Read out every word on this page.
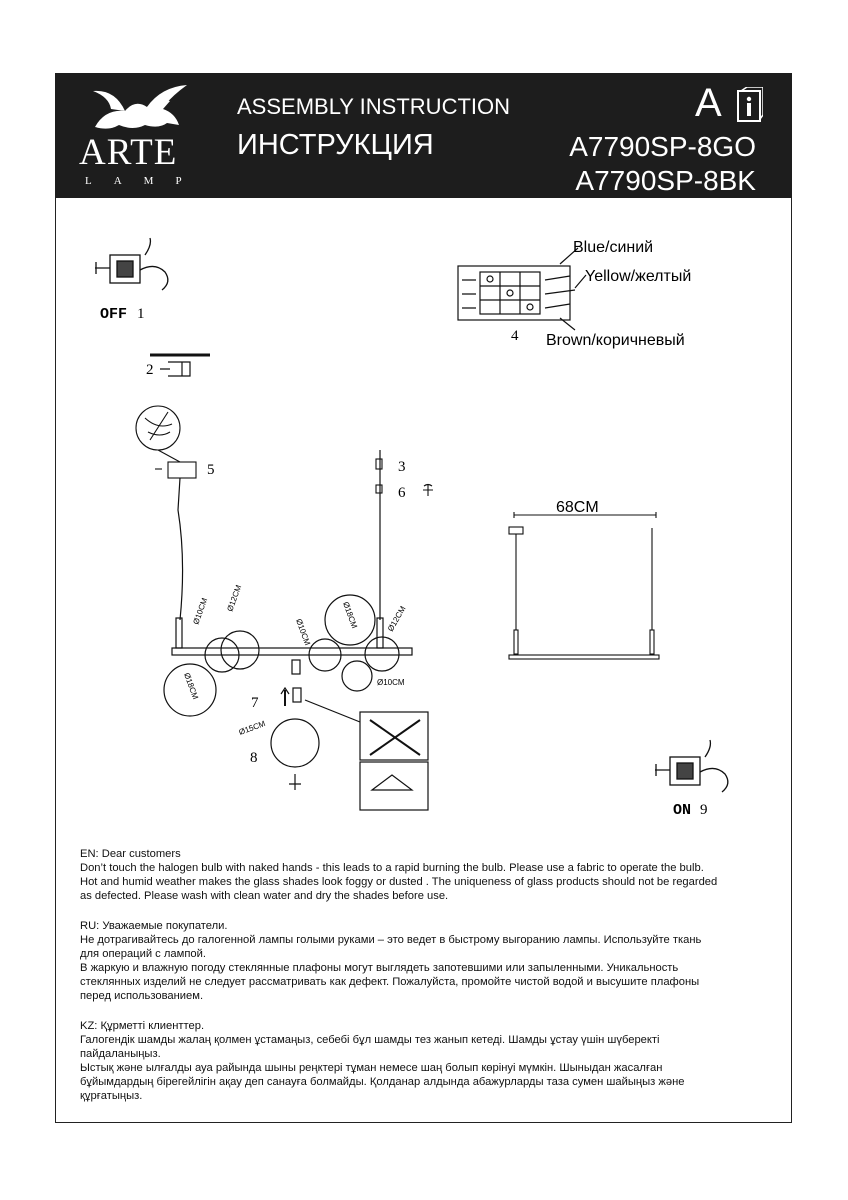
ARTE
LAMP
ASSEMBLY INSTRUCTION
ИНСТРУКЦИЯ
A
A7790SP-8GO
A7790SP-8BK
OFF 1
Blue/синий
Yellow/желтый
Brown/коричневый
4
2
5
Ø10CM Ø12CM
Ø10CM
Ø18CM	Ø12CM
Ø18CM	Ø10CM
3
6
7
8
Ø15CM
68CM
ON 9
EN: Dear customers
Don’t touch the halogen bulb with naked hands - this leads to a rapid burning the bulb. Please use a fabric to operate the bulb.
Hot and humid weather makes the glass shades look foggy or dusted . The uniqueness of glass products should not be regarded
as defected. Please wash with clean water and dry the shades before use.
RU: Уважаемые покупатели.
Не дотрагивайтесь до галогенной лампы голыми руками – это ведет в быстрому выгоранию лампы. Используйте ткань
для операций с лампой.
В жаркую и влажную погоду стеклянные плафоны могут выглядеть запотевшими или запыленными. Уникальность
стеклянных изделий не следует рассматривать как дефект. Пожалуйста, промойте чистой водой и высушите плафоны
перед использованием.
KZ: Құрметті клиенттер.
Галогендік шамды жалаң қолмен ұстамаңыз, себебі бұл шамды тез жанып кетеді. Шамды ұстау үшін шүберекті
пайдаланыңыз.
Ыстық және ылғалды ауа райында шыны реңктері тұман немесе шаң болып көрінуі мүмкін. Шыныдан жасалған
бұйымдардың бірегейлігін ақау деп санауға болмайды. Қолданар алдында абажурларды таза сумен шайыңыз және
құрғатыңыз.
